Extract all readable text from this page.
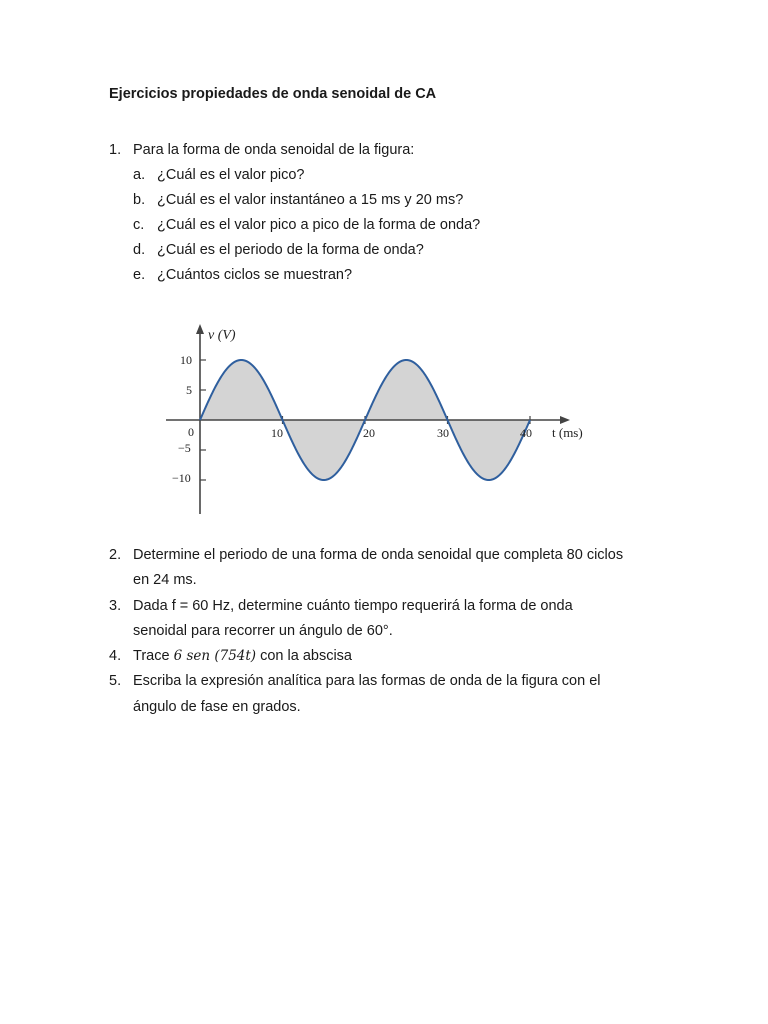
Ejercicios propiedades de onda senoidal de CA
1. Para la forma de onda senoidal de la figura:
a. ¿Cuál es el valor pico?
b. ¿Cuál es el valor instantáneo a 15 ms y 20 ms?
c. ¿Cuál es el valor pico a pico de la forma de onda?
d. ¿Cuál es el periodo de la forma de onda?
e. ¿Cuántos ciclos se muestran?
v (V)
t (ms)
10
5
0
−5
−10
10	20	30	40
2. Determine el periodo de una forma de onda senoidal que completa 80 ciclos
en 24 ms.
3. Dada f = 60 Hz, determine cuánto tiempo requerirá la forma de onda
senoidal para recorrer un ángulo de 60°.
4. Trace 6 sen (754t) con la abscisa
5. Escriba la expresión analítica para las formas de onda de la figura con el
ángulo de fase en grados.
